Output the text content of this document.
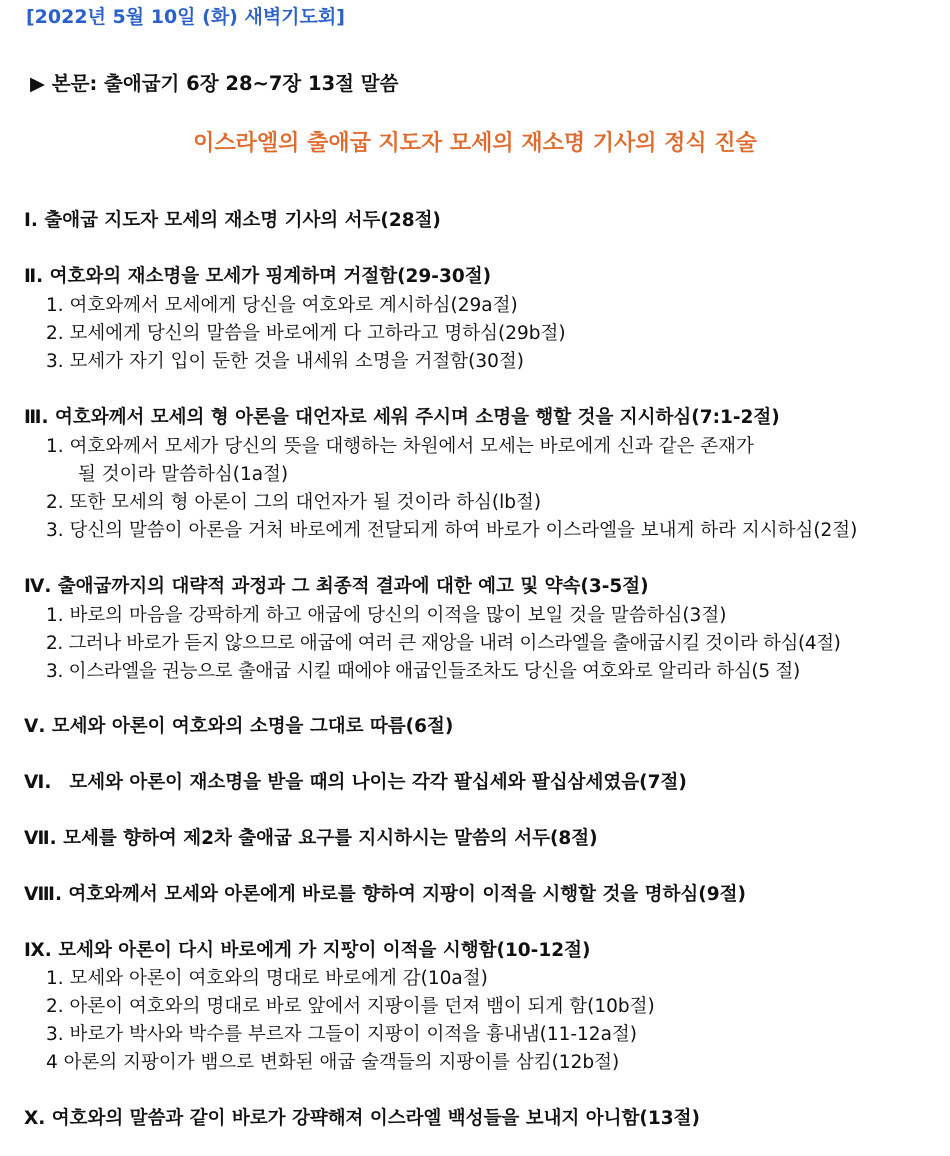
[2022년 5월 10일 (화) 새벽기도회]
▶ 본문: 출애굽기 6장 28~7장 13절 말씀
이스라엘의 출애굽 지도자 모세의 재소명 기사의 정식 진술
Ⅰ. 출애굽 지도자 모세의 재소명 기사의 서두(28절)
Ⅱ. 여호와의 재소명을 모세가 핑계하며 거절함(29-30절)
1. 여호와께서 모세에게 당신을 여호와로 계시하심(29a절)
2. 모세에게 당신의 말씀을 바로에게 다 고하라고 명하심(29b절)
3. 모세가 자기 입이 둔한 것을 내세워 소명을 거절함(30절)
Ⅲ. 여호와께서 모세의 형 아론을 대언자로 세워 주시며 소명을 행할 것을 지시하심(7:1-2절)
1. 여호와께서 모세가 당신의 뜻을 대행하는 차원에서 모세는 바로에게 신과 같은 존재가
될 것이라 말씀하심(1a절)
2. 또한 모세의 형 아론이 그의 대언자가 될 것이라 하심(lb절)
3. 당신의 말씀이 아론을 거처 바로에게 전달되게 하여 바로가 이스라엘을 보내게 하라 지시하심(2절)
Ⅳ. 출애굽까지의 대략적 과정과 그 최종적 결과에 대한 예고 및 약속(3-5절)
1. 바로의 마음을 강팍하게 하고 애굽에 당신의 이적을 많이 보일 것을 말씀하심(3절)
2. 그러나 바로가 듣지 않으므로 애굽에 여러 큰 재앙을 내려 이스라엘을 출애굽시킬 것이라 하심(4절)
3. 이스라엘을 권능으로 출애굽 시킬 때에야 애굽인들조차도 당신을 여호와로 알리라 하심(5 절)
Ⅴ. 모세와 아론이 여호와의 소명을 그대로 따름(6절)
Ⅵ. 모세와 아론이 재소명을 받을 때의 나이는 각각 팔십세와 팔십삼세였음(7절)
Ⅶ. 모세를 향하여 제2차 출애굽 요구를 지시하시는 말씀의 서두(8절)
Ⅷ. 여호와께서 모세와 아론에게 바로를 향하여 지팡이 이적을 시행할 것을 명하심(9절)
Ⅸ. 모세와 아론이 다시 바로에게 가 지파ᇰ이 이적을 시행함(10-12절)
1. 모세와 아론이 여호와의 명대로 바로에게 감(10a절)
2. 아론이 여호와의 명대로 바로 앞에서 지팡이를 던져 뱀이 되게 함(10b절)
3. 바로가 박사와 박수를 부르자 그들이 지팡이 이적을 흉내냄(11-12a절)
4 아론의 지팡이가 뱀으로 변화된 애굽 술객들의 지팡이를 삼킴(12b절)
Ⅹ. 여호와의 말씀과 같이 바로가 강퍅해져 이스라엘 백성들을 보내지 아니함(13절)
